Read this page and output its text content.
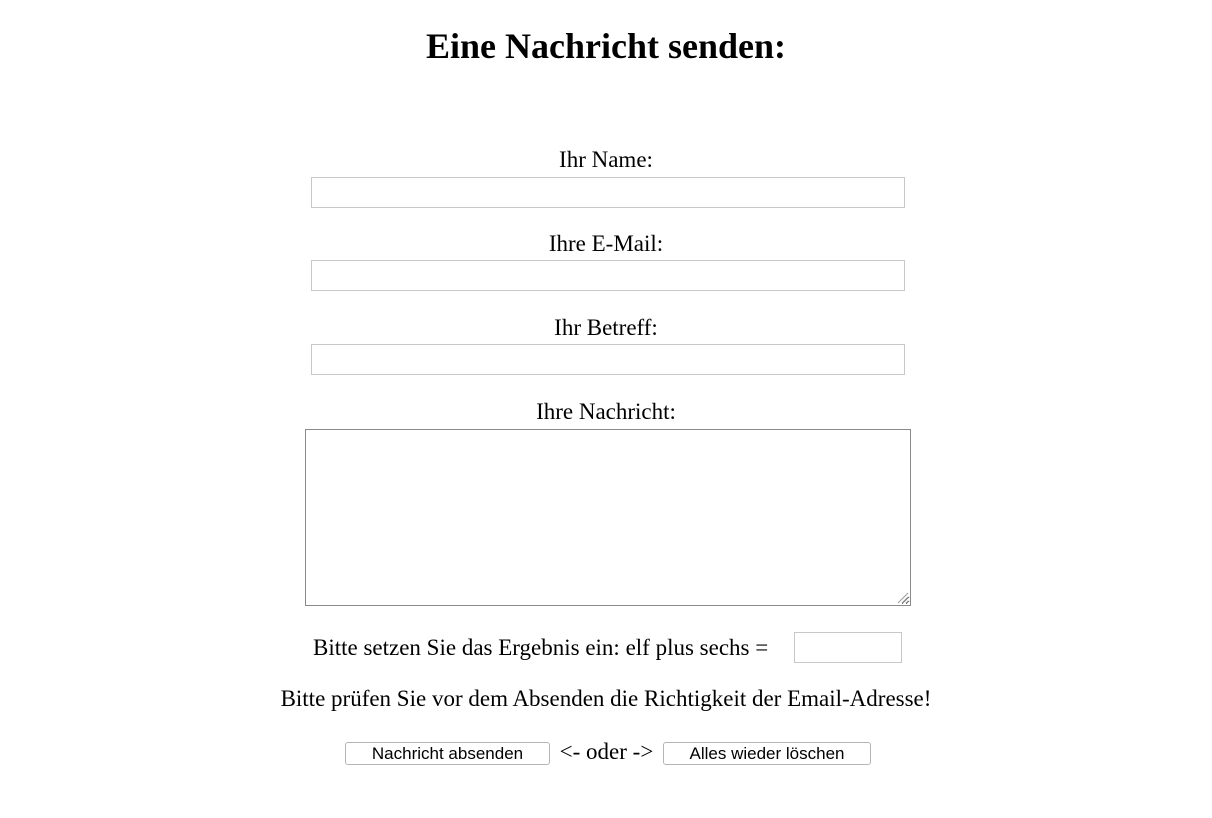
Eine Nachricht senden:
Ihr Name:
Ihre E-Mail:
Ihr Betreff:
Ihre Nachricht:
Bitte setzen Sie das Ergebnis ein: elf plus sechs =
Bitte prüfen Sie vor dem Absenden die Richtigkeit der Email-Adresse!
Nachricht absenden	<- oder ->	Alles wieder löschen
